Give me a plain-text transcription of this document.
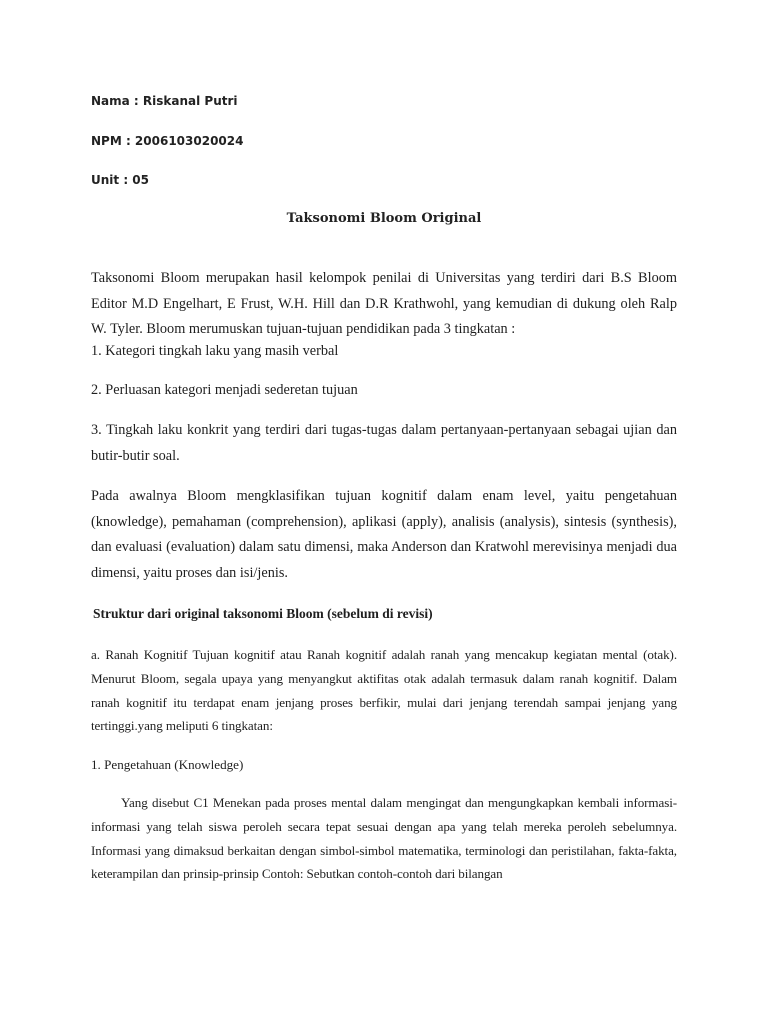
Nama : Riskanal Putri
NPM : 2006103020024
Unit : 05
Taksonomi Bloom Original
Taksonomi Bloom merupakan hasil kelompok penilai di Universitas yang terdiri dari B.S Bloom Editor M.D Engelhart, E Frust, W.H. Hill dan D.R Krathwohl, yang kemudian di dukung oleh Ralp W. Tyler. Bloom merumuskan tujuan-tujuan pendidikan pada 3 tingkatan :
1. Kategori tingkah laku yang masih verbal
2. Perluasan kategori menjadi sederetan tujuan
3. Tingkah laku konkrit yang terdiri dari tugas-tugas dalam pertanyaan-pertanyaan sebagai ujian dan butir-butir soal.
Pada awalnya Bloom mengklasifikan tujuan kognitif dalam enam level, yaitu pengetahuan (knowledge), pemahaman (comprehension), aplikasi (apply), analisis (analysis), sintesis (synthesis), dan evaluasi (evaluation) dalam satu dimensi, maka Anderson dan Kratwohl merevisinya menjadi dua dimensi, yaitu proses dan isi/jenis.
Struktur dari original taksonomi Bloom (sebelum di revisi)
a. Ranah Kognitif Tujuan kognitif atau Ranah kognitif adalah ranah yang mencakup kegiatan mental (otak). Menurut Bloom, segala upaya yang menyangkut aktifitas otak adalah termasuk dalam ranah kognitif. Dalam ranah kognitif itu terdapat enam jenjang proses berfikir, mulai dari jenjang terendah sampai jenjang yang tertinggi.yang meliputi 6 tingkatan:
1. Pengetahuan (Knowledge)
Yang disebut C1 Menekan pada proses mental dalam mengingat dan mengungkapkan kembali informasi-informasi yang telah siswa peroleh secara tepat sesuai dengan apa yang telah mereka peroleh sebelumnya. Informasi yang dimaksud berkaitan dengan simbol-simbol matematika, terminologi dan peristilahan, fakta-fakta, keterampilan dan prinsip-prinsip Contoh: Sebutkan contoh-contoh dari bilangan
